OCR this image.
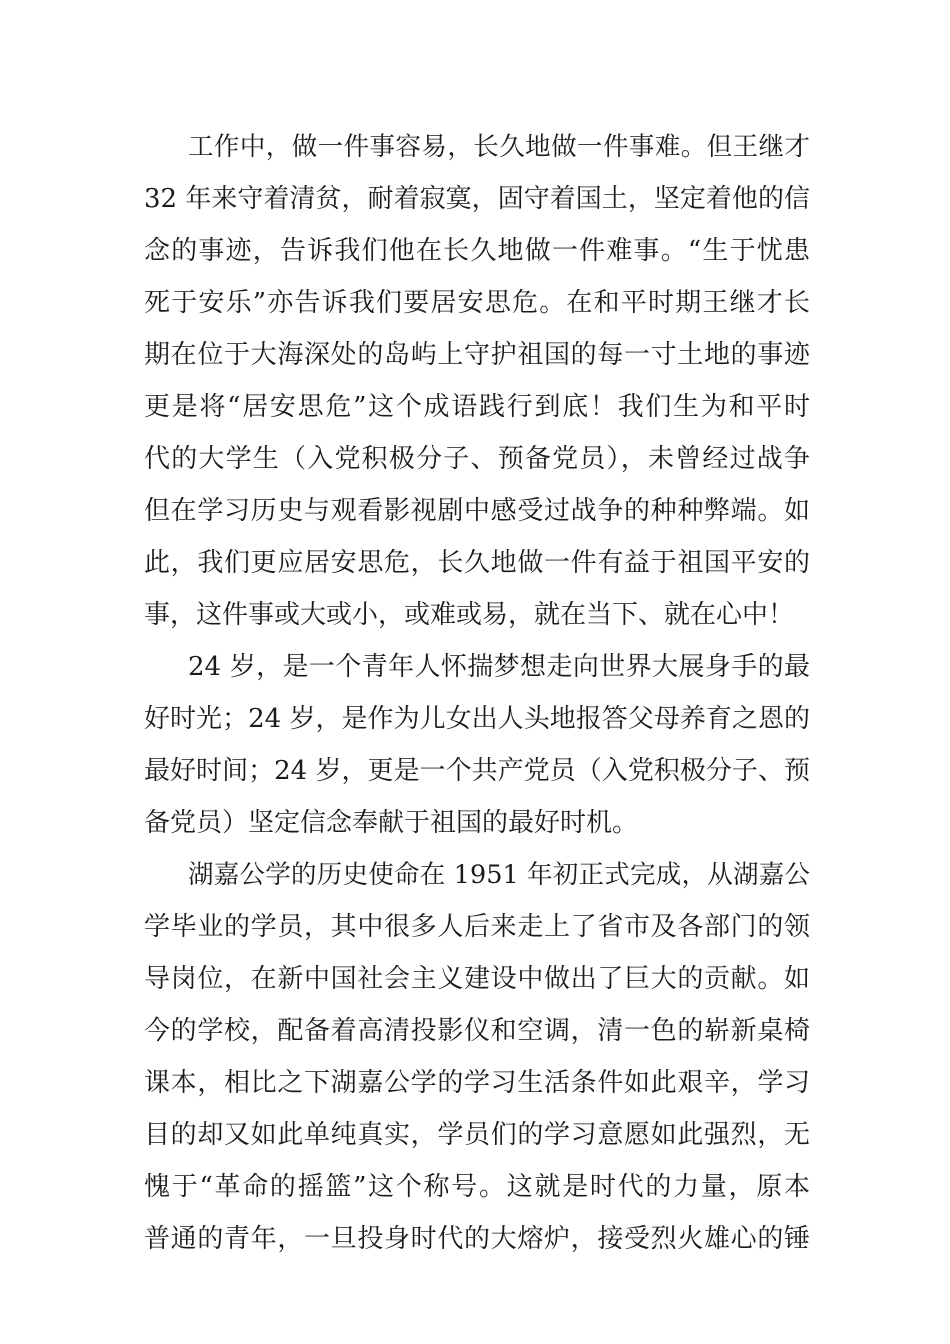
工作中，做一件事容易，长久地做一件事难。但王继才
32 年来守着清贫，耐着寂寞，固守着国土，坚定着他的信
念的事迹，告诉我们他在长久地做一件难事。“生于忧患
死于安乐”亦告诉我们要居安思危。在和平时期王继才长
期在位于大海深处的岛屿上守护祖国的每一寸土地的事迹
更是将“居安思危”这个成语践行到底！我们生为和平时
代的大学生（入党积极分子、预备党员），未曾经过战争
但在学习历史与观看影视剧中感受过战争的种种弊端。如
此，我们更应居安思危，长久地做一件有益于祖国平安的
事，这件事或大或小，或难或易，就在当下、就在心中！
24 岁，是一个青年人怀揣梦想走向世界大展身手的最
好时光；24 岁，是作为儿女出人头地报答父母养育之恩的
最好时间；24 岁，更是一个共产党员（入党积极分子、预
备党员）坚定信念奉献于祖国的最好时机。
湖嘉公学的历史使命在 1951 年初正式完成，从湖嘉公
学毕业的学员，其中很多人后来走上了省市及各部门的领
导岗位，在新中国社会主义建设中做出了巨大的贡献。如
今的学校，配备着高清投影仪和空调，清一色的崭新桌椅
课本，相比之下湖嘉公学的学习生活条件如此艰辛，学习
目的却又如此单纯真实，学员们的学习意愿如此强烈，无
愧于“革命的摇篮”这个称号。这就是时代的力量，原本
普通的青年，一旦投身时代的大熔炉，接受烈火雄心的锤
